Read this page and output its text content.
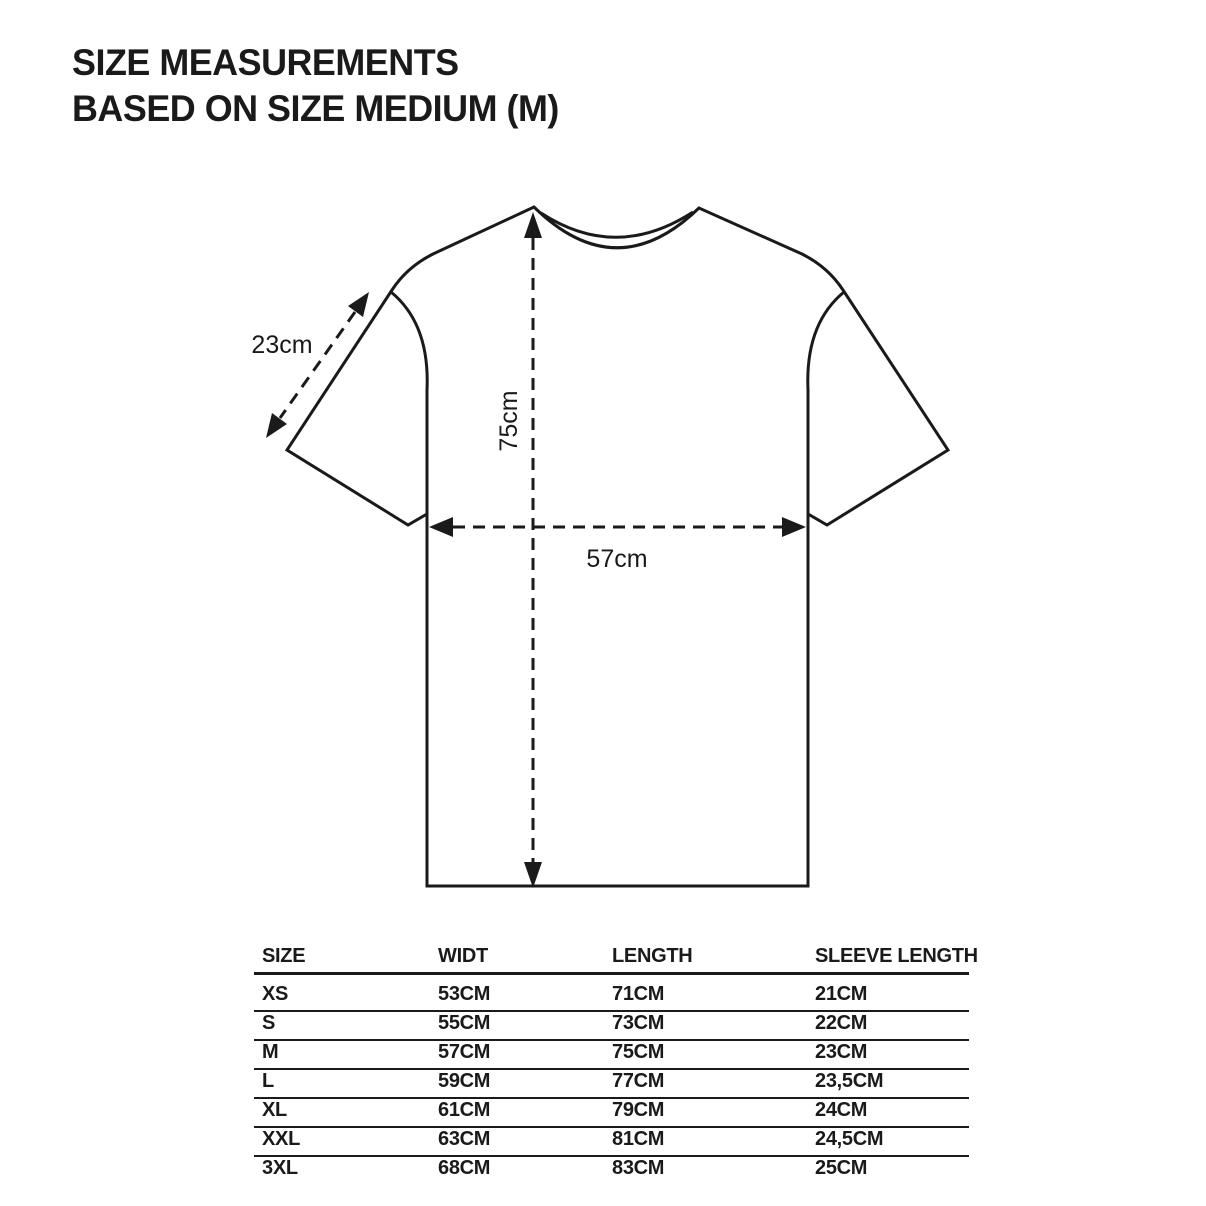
SIZE MEASUREMENTS
BASED ON SIZE MEDIUM (M)
75cm
57cm
23cm
SIZE	WIDT	LENGTH	SLEEVE LENGTH
XS	53CM	71CM	21CM
S	55CM	73CM	22CM
M	57CM	75CM	23CM
L	59CM	77CM	23,5CM
XL	61CM	79CM	24CM
XXL	63CM	81CM	24,5CM
3XL	68CM	83CM	25CM
